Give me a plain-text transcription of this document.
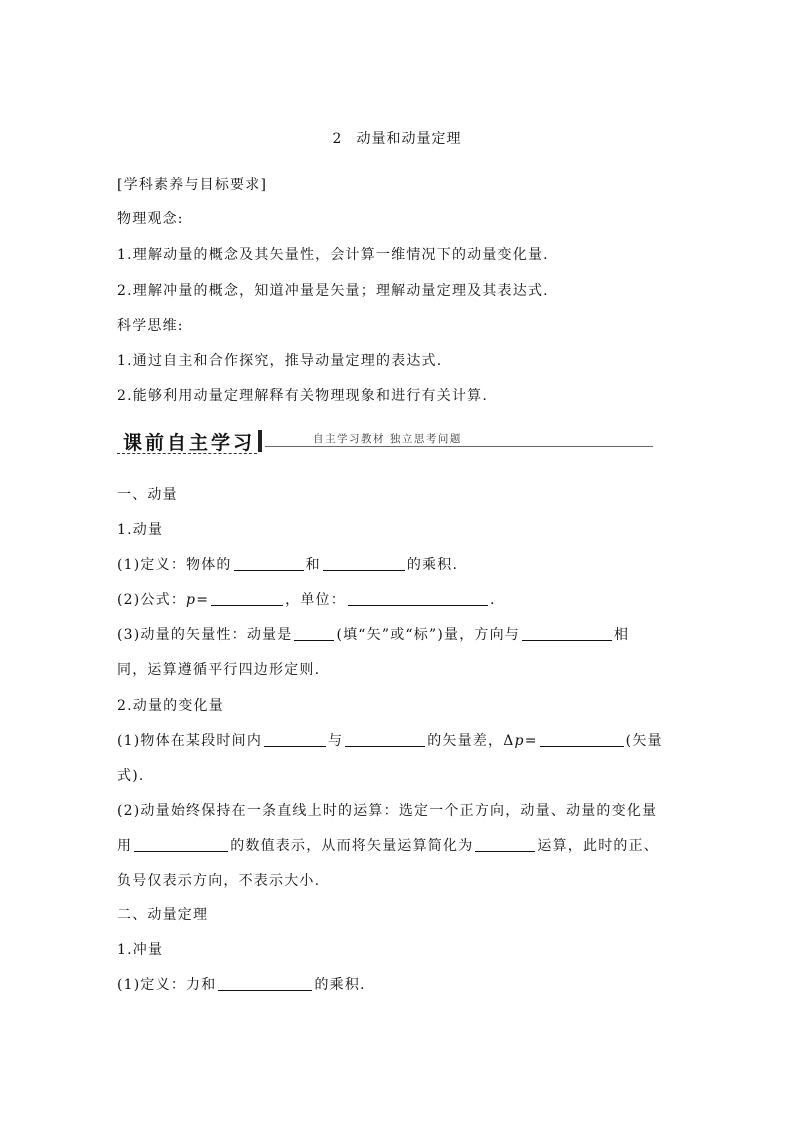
2 动量和动量定理
[学科素养与目标要求]
物理观念:
1.理解动量的概念及其矢量性，会计算一维情况下的动量变化量.
2.理解冲量的概念，知道冲量是矢量；理解动量定理及其表达式.
科学思维:
1.通过自主和合作探究，推导动量定理的表达式.
2.能够利用动量定理解释有关物理现象和进行有关计算.
课前自主学习	自主学习教材 独立思考问题
一、动量
1.动量
(1)定义：物体的	和	的乘积.
(2)公式：p=	，单位：	.
(3)动量的矢量性：动量是	(填“矢”或“标”)量，方向与	相
同，运算遵循平行四边形定则.
2.动量的变化量
(1)物体在某段时间内	与	的矢量差，Δp=	(矢量
式).
(2)动量始终保持在一条直线上时的运算：选定一个正方向，动量、动量的变化量
用	的数值表示，从而将矢量运算简化为	运算，此时的正、
负号仅表示方向，不表示大小.
二、动量定理
1.冲量
(1)定义：力和	的乘积.
